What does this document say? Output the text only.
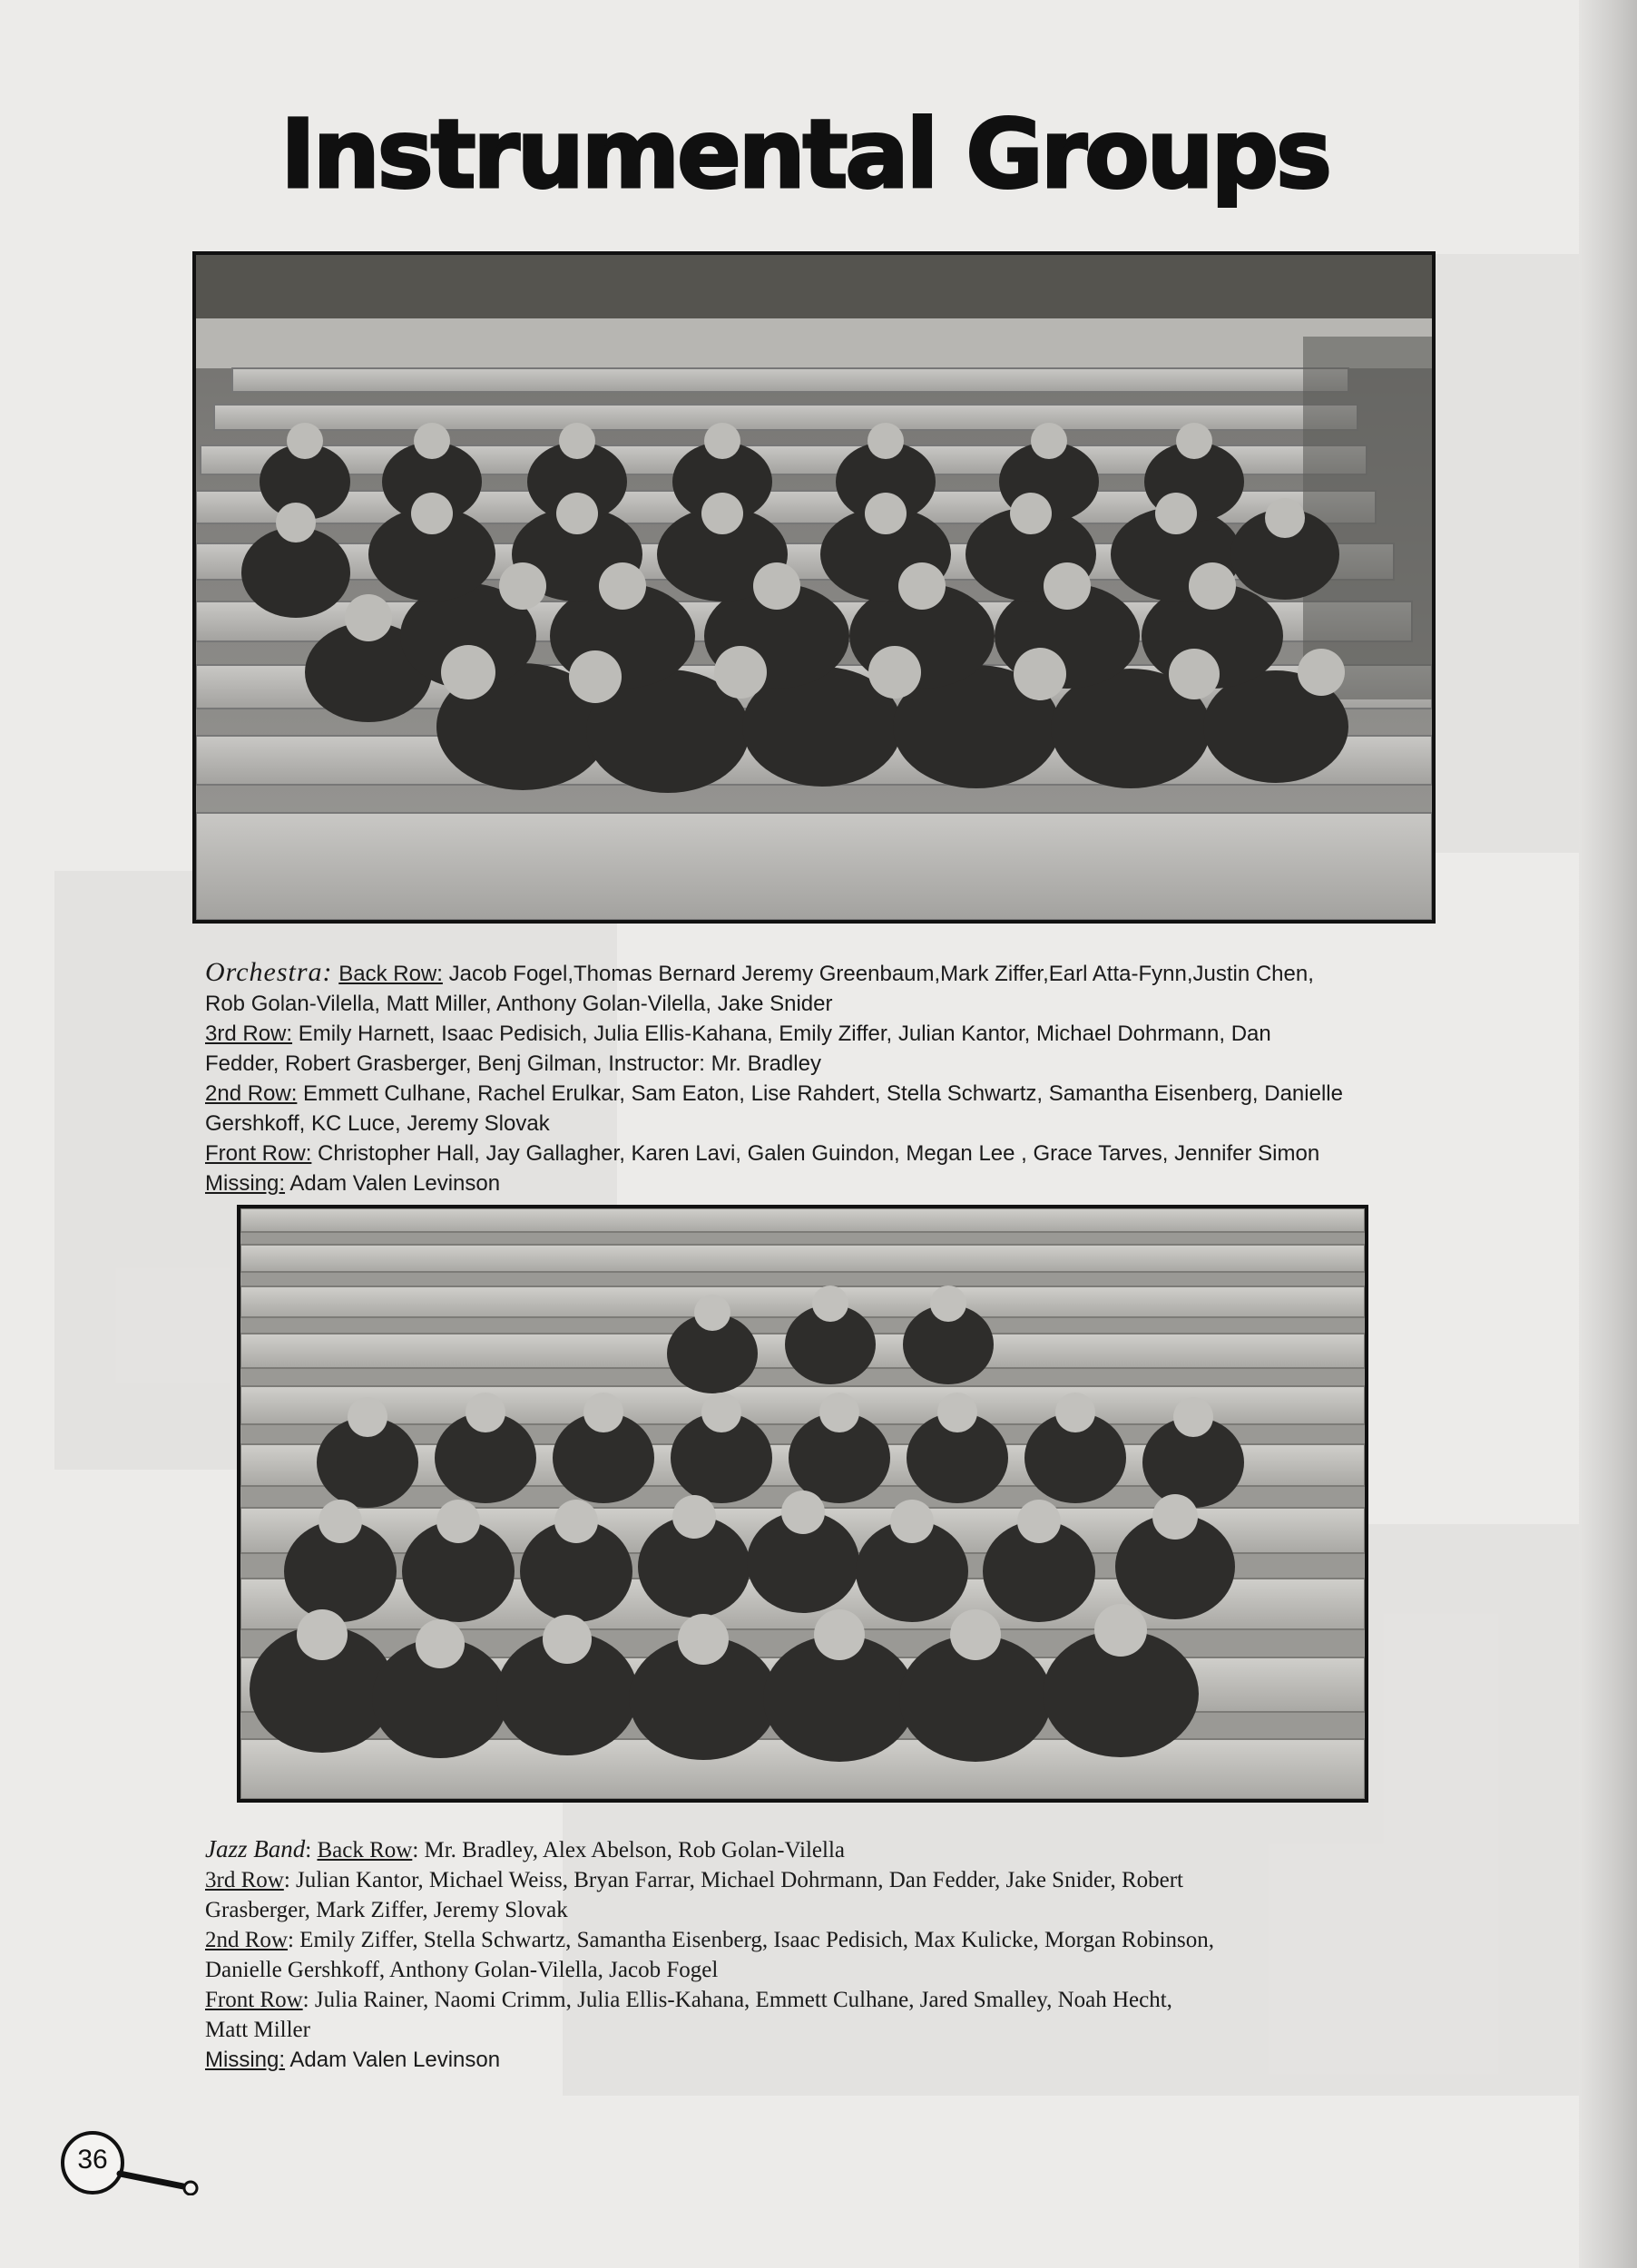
Instrumental Groups
Orchestra: Back Row: Jacob Fogel,Thomas Bernard Jeremy Greenbaum,Mark Ziffer,Earl Atta-Fynn,Justin Chen,
Rob Golan-Vilella, Matt Miller, Anthony Golan-Vilella, Jake Snider
3rd Row: Emily Harnett, Isaac Pedisich, Julia Ellis-Kahana, Emily Ziffer, Julian Kantor, Michael Dohrmann, Dan
Fedder, Robert Grasberger, Benj Gilman, Instructor: Mr. Bradley
2nd Row: Emmett Culhane, Rachel Erulkar, Sam Eaton, Lise Rahdert, Stella Schwartz, Samantha Eisenberg, Danielle
Gershkoff, KC Luce, Jeremy Slovak
Front Row: Christopher Hall, Jay Gallagher, Karen Lavi, Galen Guindon, Megan Lee , Grace Tarves, Jennifer Simon
Missing: Adam Valen Levinson
Jazz Band: Back Row: Mr. Bradley, Alex Abelson, Rob Golan-Vilella
3rd Row: Julian Kantor, Michael Weiss, Bryan Farrar, Michael Dohrmann, Dan Fedder, Jake Snider, Robert
Grasberger, Mark Ziffer, Jeremy Slovak
2nd Row: Emily Ziffer, Stella Schwartz, Samantha Eisenberg, Isaac Pedisich, Max Kulicke, Morgan Robinson,
Danielle Gershkoff, Anthony Golan-Vilella, Jacob Fogel
Front Row: Julia Rainer, Naomi Crimm, Julia Ellis-Kahana, Emmett Culhane, Jared Smalley, Noah Hecht,
Matt Miller
Missing: Adam Valen Levinson
36
